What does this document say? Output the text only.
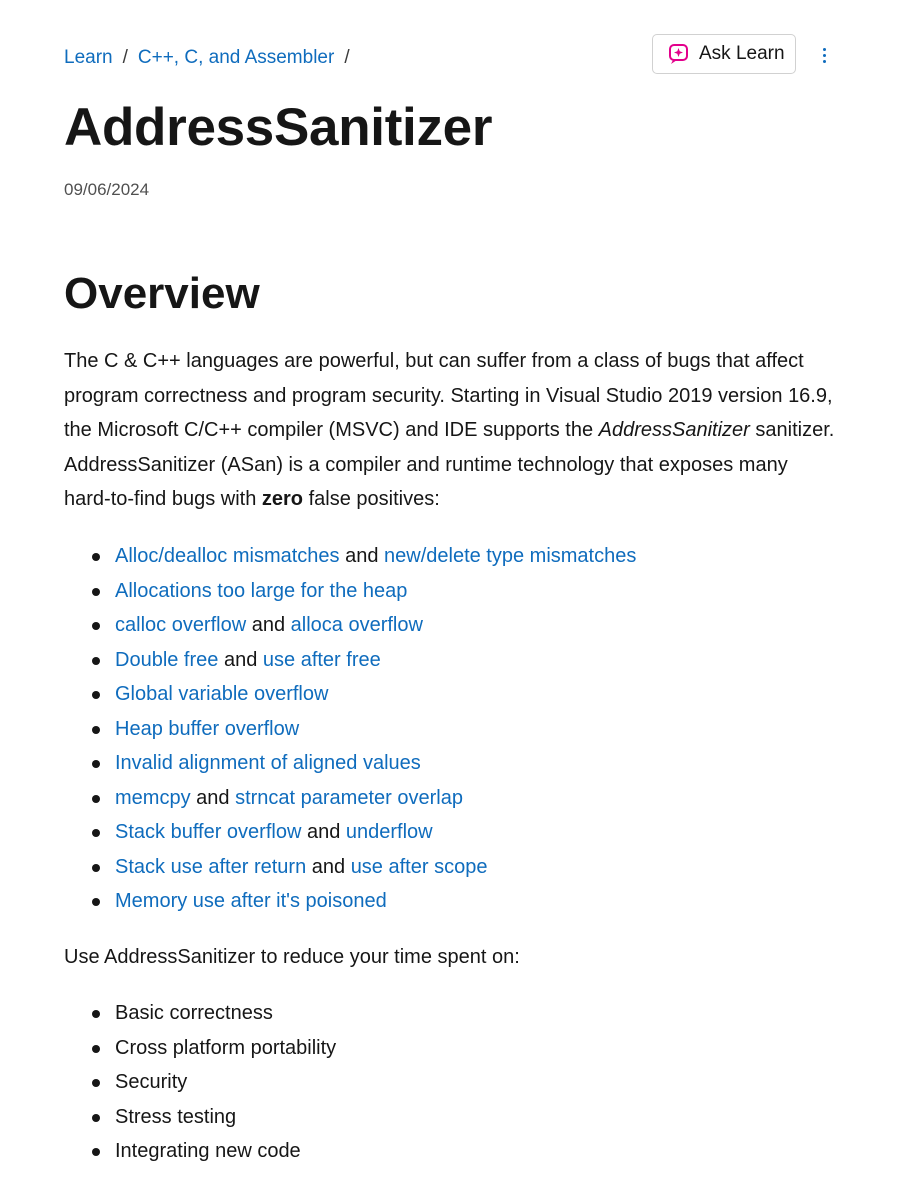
Learn / C++, C, and Assembler /	Ask Learn
AddressSanitizer
09/06/2024
Overview

The C & C++ languages are powerful, but can suffer from a class of bugs that affect program correctness and program security. Starting in Visual Studio 2019 version 16.9, the Microsoft C/C++ compiler (MSVC) and IDE supports the AddressSanitizer sanitizer. AddressSanitizer (ASan) is a compiler and runtime technology that exposes many hard-to-find bugs with zero false positives:

Alloc/dealloc mismatches and new/delete type mismatches
Allocations too large for the heap
calloc overflow and alloca overflow
Double free and use after free
Global variable overflow
Heap buffer overflow
Invalid alignment of aligned values
memcpy and strncat parameter overlap
Stack buffer overflow and underflow
Stack use after return and use after scope
Memory use after it's poisoned

Use AddressSanitizer to reduce your time spent on:

Basic correctness
Cross platform portability
Security
Stress testing
Integrating new code
